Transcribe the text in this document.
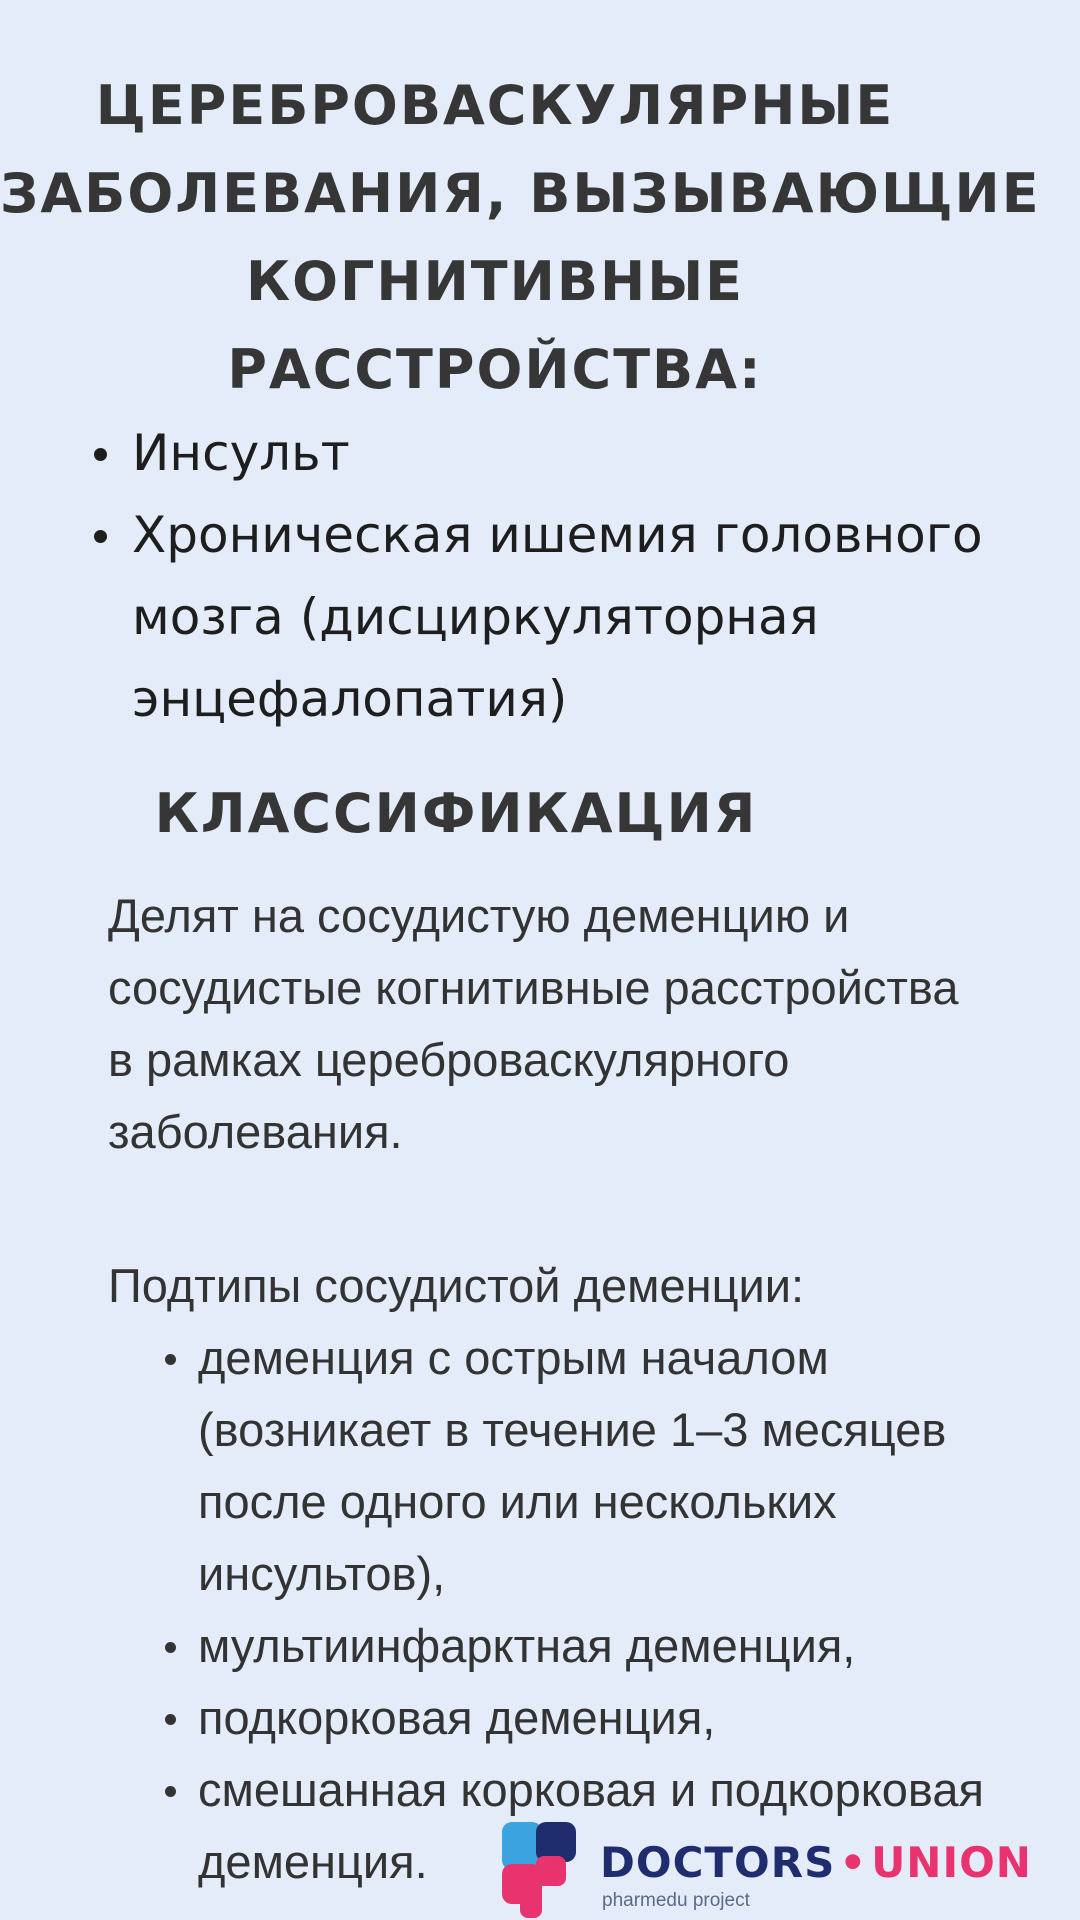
ЦЕРЕБРОВАСКУЛЯРНЫЕ
ЗАБОЛЕВАНИЯ, ВЫЗЫВАЮЩИЕ
КОГНИТИВНЫЕ
РАССТРОЙСТВА:
Инсульт
Хроническая ишемия головного
мозга (дисциркуляторная
энцефалопатия)
КЛАССИФИКАЦИЯ

Делят на сосудистую деменцию и
сосудистые когнитивные расстройства
в рамках цереброваскулярного
заболевания.

Подтипы сосудистой деменции:

деменция с острым началом
(возникает в течение 1–3 месяцев
после одного или нескольких
инсультов),
мультиинфарктная деменция,
подкорковая деменция,
смешанная корковая и подкорковая
деменция.	DOCTORS•UNION
pharmedu project
